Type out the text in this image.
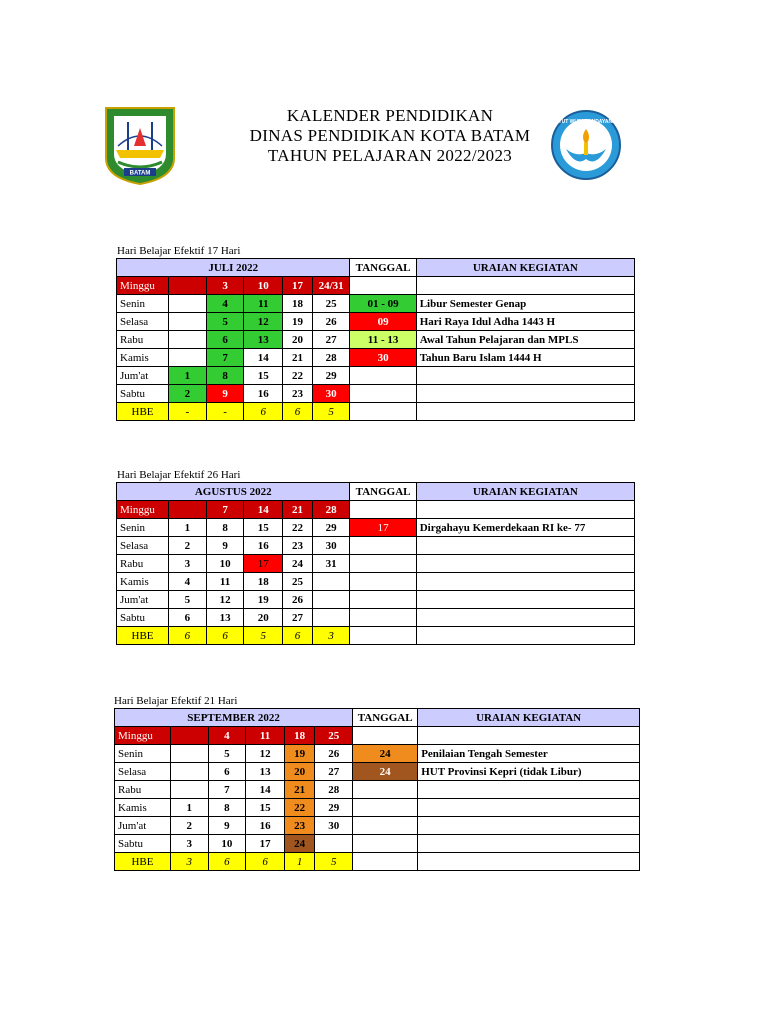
BATAM
KALENDER PENDIDIKAN
DINAS PENDIDIKAN KOTA BATAM
TAHUN PELAJARAN 2022/2023
TUT WURI HANDAYANI
Hari Belajar Efektif 17 Hari
JULI 2022						TANGGAL	URAIAN KEGIATAN
Minggu		3	10	17	24/31		
Senin		4	11	18	25	01 - 09	Libur Semester Genap
Selasa		5	12	19	26	09	Hari Raya Idul Adha 1443 H
Rabu		6	13	20	27	11 - 13	Awal Tahun Pelajaran dan MPLS
Kamis		7	14	21	28	30	Tahun Baru Islam 1444 H
Jum'at	1	8	15	22	29		
Sabtu	2	9	16	23	30		
HBE	-	-	6	6	5		
Hari Belajar Efektif 26 Hari
AGUSTUS 2022						TANGGAL	URAIAN KEGIATAN
Minggu		7	14	21	28		
Senin	1	8	15	22	29	17	Dirgahayu Kemerdekaan RI ke- 77
Selasa	2	9	16	23	30		
Rabu	3	10	17	24	31		
Kamis	4	11	18	25			
Jum'at	5	12	19	26			
Sabtu	6	13	20	27			
HBE	6	6	5	6	3		
Hari Belajar Efektif 21 Hari
SEPTEMBER 2022						TANGGAL	URAIAN KEGIATAN
Minggu		4	11	18	25		
Senin		5	12	19	26	24	Penilaian Tengah Semester
Selasa		6	13	20	27	24	HUT Provinsi Kepri (tidak Libur)
Rabu		7	14	21	28		
Kamis	1	8	15	22	29		
Jum'at	2	9	16	23	30		
Sabtu	3	10	17	24			
HBE	3	6	6	1	5		
